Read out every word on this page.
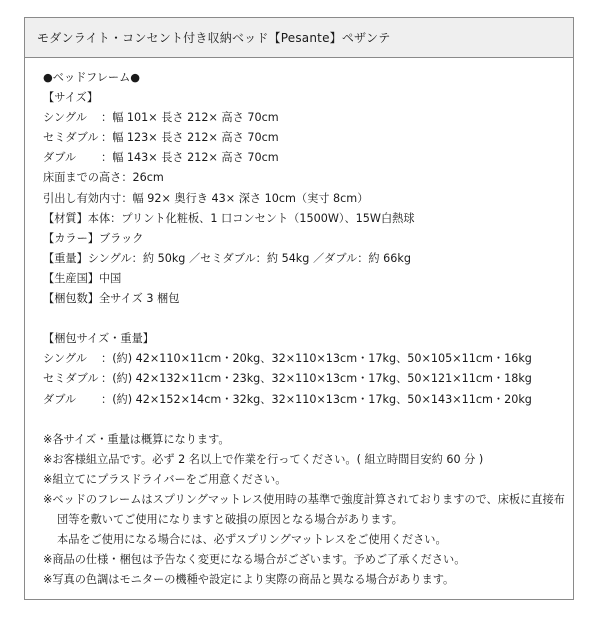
モダンライト・コンセント付き収納ベッド【Pesante】ペザンテ
●ベッドフレーム●
【サイズ】
シングル ：幅 101× 長さ 212× 高さ 70cm
セミダブル ：幅 123× 長さ 212× 高さ 70cm
ダブル ：幅 143× 長さ 212× 高さ 70cm
床面までの高さ：26cm
引出し有効内寸：幅 92× 奥行き 43× 深さ 10cm（実寸 8cm）
【材質】本体：プリント化粧板、1 口コンセント（1500W）、15W白熱球
【カラー】ブラック
【重量】シングル：約 50kg ／セミダブル：約 54kg ／ダブル：約 66kg
【生産国】中国
【梱包数】全サイズ 3 梱包
【梱包サイズ・重量】
シングル ：(約) 42×110×11cm・20kg、32×110×13cm・17kg、50×105×11cm・16kg
セミダブル ：(約) 42×132×11cm・23kg、32×110×13cm・17kg、50×121×11cm・18kg
ダブル ：(約) 42×152×14cm・32kg、32×110×13cm・17kg、50×143×11cm・20kg
※各サイズ・重量は概算になります。
※お客様組立品です。必ず 2 名以上で作業を行ってください。( 組立時間目安約 60 分 )
※組立てにプラスドライバーをご用意ください。
※ベッドのフレームはスプリングマットレス使用時の基準で強度計算されておりますので、床板に直接布
団等を敷いてご使用になりますと破損の原因となる場合があります。
本品をご使用になる場合には、必ずスプリングマットレスをご使用ください。
※商品の仕様・梱包は予告なく変更になる場合がございます。予めご了承ください。
※写真の色調はモニターの機種や設定により実際の商品と異なる場合があります。
